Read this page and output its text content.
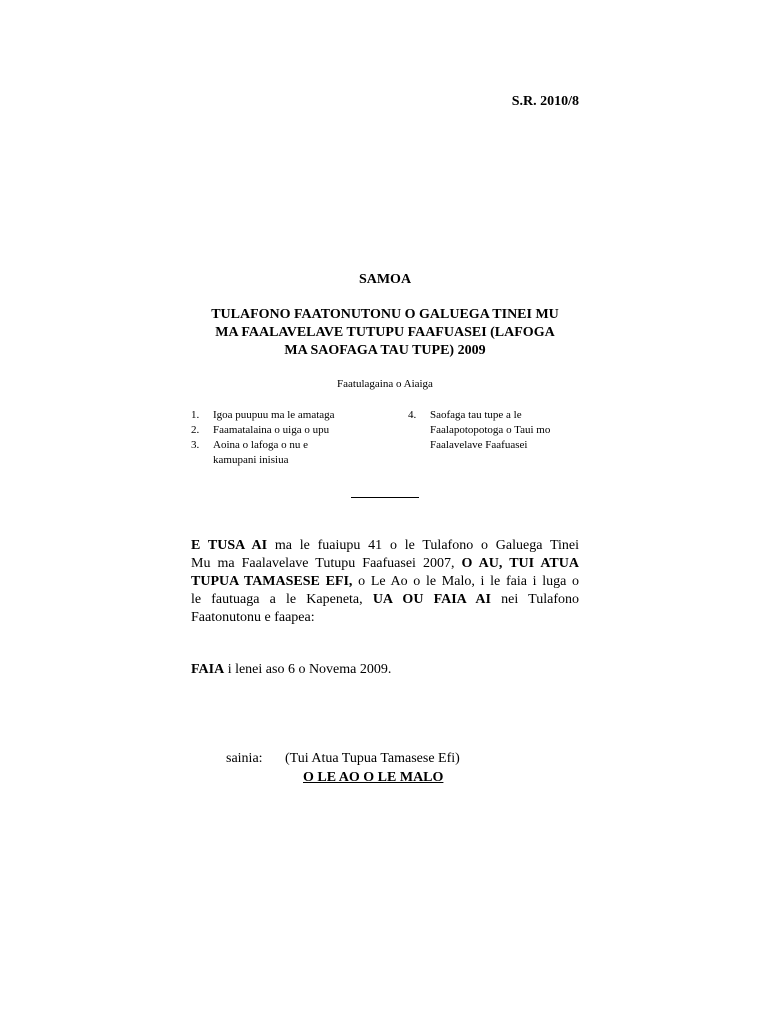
S.R. 2010/8
SAMOA
TULAFONO FAATONUTONU O GALUEGA TINEI MU
MA FAALAVELAVE TUTUPU FAAFUASEI (LAFOGA
MA SAOFAGA TAU TUPE) 2009
Faatulagaina o Aiaiga
1. Igoa puupuu ma le amataga
2. Faamatalaina o uiga o upu
3. Aoina o lafoga o nu e
kamupani inisiua
4. Saofaga tau tupe a le
Faalapotopotoga o Taui mo
Faalavelave Faafuasei
E TUSA AI ma le fuaiupu 41 o le Tulafono o Galuega Tinei
Mu ma Faalavelave Tutupu Faafuasei 2007, O AU, TUI ATUA
TUPUA TAMASESE EFI, o Le Ao o le Malo, i le faia i luga o
le fautuaga a le Kapeneta, UA OU FAIA AI nei Tulafono
Faatonutonu e faapea:
FAIA i lenei aso 6 o Novema 2009.
sainia: (Tui Atua Tupua Tamasese Efi)
O LE AO O LE MALO
